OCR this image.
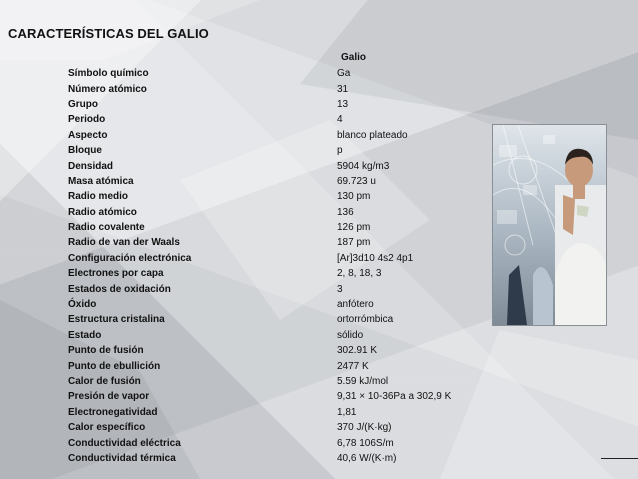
CARACTERÍSTICAS DEL GALIO
Galio
Símbolo químico	Ga
Número atómico	31
Grupo	13
Periodo	4
Aspecto	blanco plateado
Bloque	p
Densidad	5904 kg/m3
Masa atómica	69.723 u
Radio medio	130 pm
Radio atómico	136
Radio covalente	126 pm
Radio de van der Waals	187 pm
Configuración electrónica	[Ar]3d10 4s2 4p1
Electrones por capa	2, 8, 18, 3
Estados de oxidación	3
Óxido	anfótero
Estructura cristalina	ortorrómbica
Estado	sólido
Punto de fusión	302.91 K
Punto de ebullición	2477 K
Calor de fusión	5.59 kJ/mol
Presión de vapor	9,31 × 10-36Pa a 302,9 K
Electronegatividad	1,81
Calor específico	370 J/(K·kg)
Conductividad eléctrica	6,78 106S/m
Conductividad térmica	40,6 W/(K·m)
